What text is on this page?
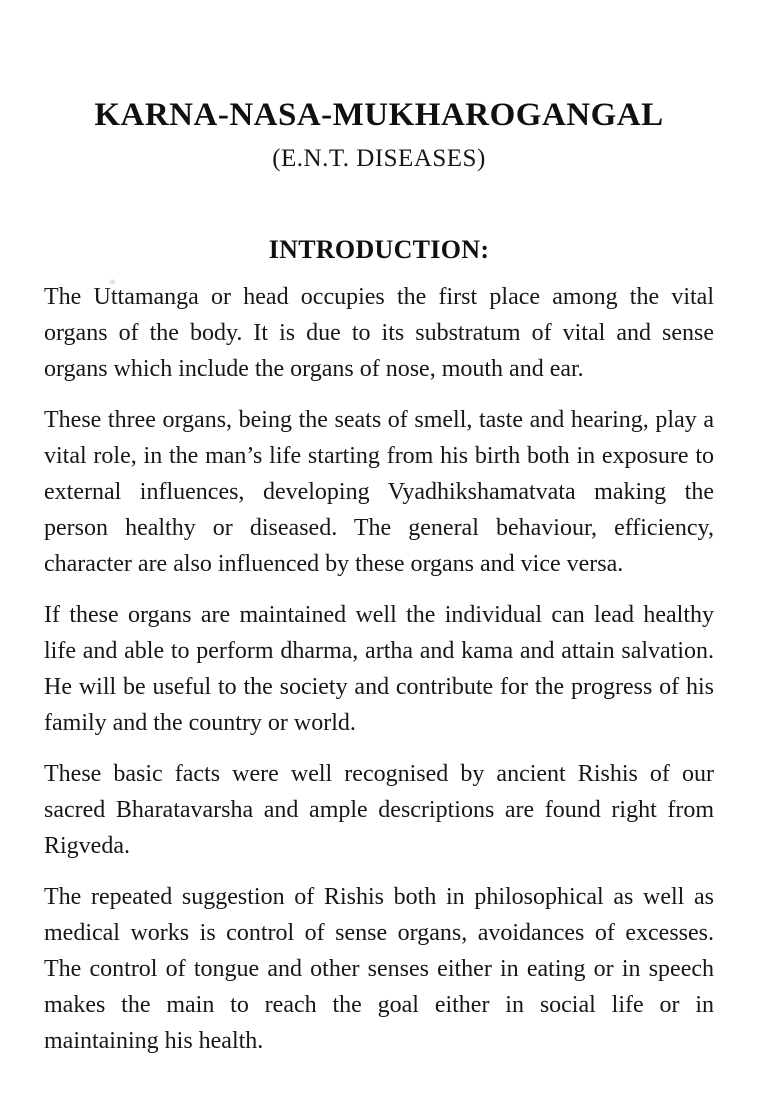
KARNA-NASA-MUKHAROGANGAL
(E.N.T. DISEASES)
INTRODUCTION:

The Uttamanga or head occupies the first place among the vital organs of the body. It is due to its substratum of vital and sense organs which include the organs of nose, mouth and ear.

These three organs, being the seats of smell, taste and hearing, play a vital role, in the man’s life starting from his birth both in exposure to external influences, developing Vyadhikshamatvata making the person healthy or diseased. The general behaviour, efficiency, character are also influenced by these organs and vice versa.

If these organs are maintained well the individual can lead healthy life and able to perform dharma, artha and kama and attain salvation. He will be useful to the society and contribute for the progress of his family and the country or world.

These basic facts were well recognised by ancient Rishis of our sacred Bharatavarsha and ample descriptions are found right from Rigveda.

The repeated suggestion of Rishis both in philosophical as well as medical works is control of sense organs, avoidances of excesses. The control of tongue and other senses either in eating or in speech makes the main to reach the goal either in social life or in maintaining his health.
